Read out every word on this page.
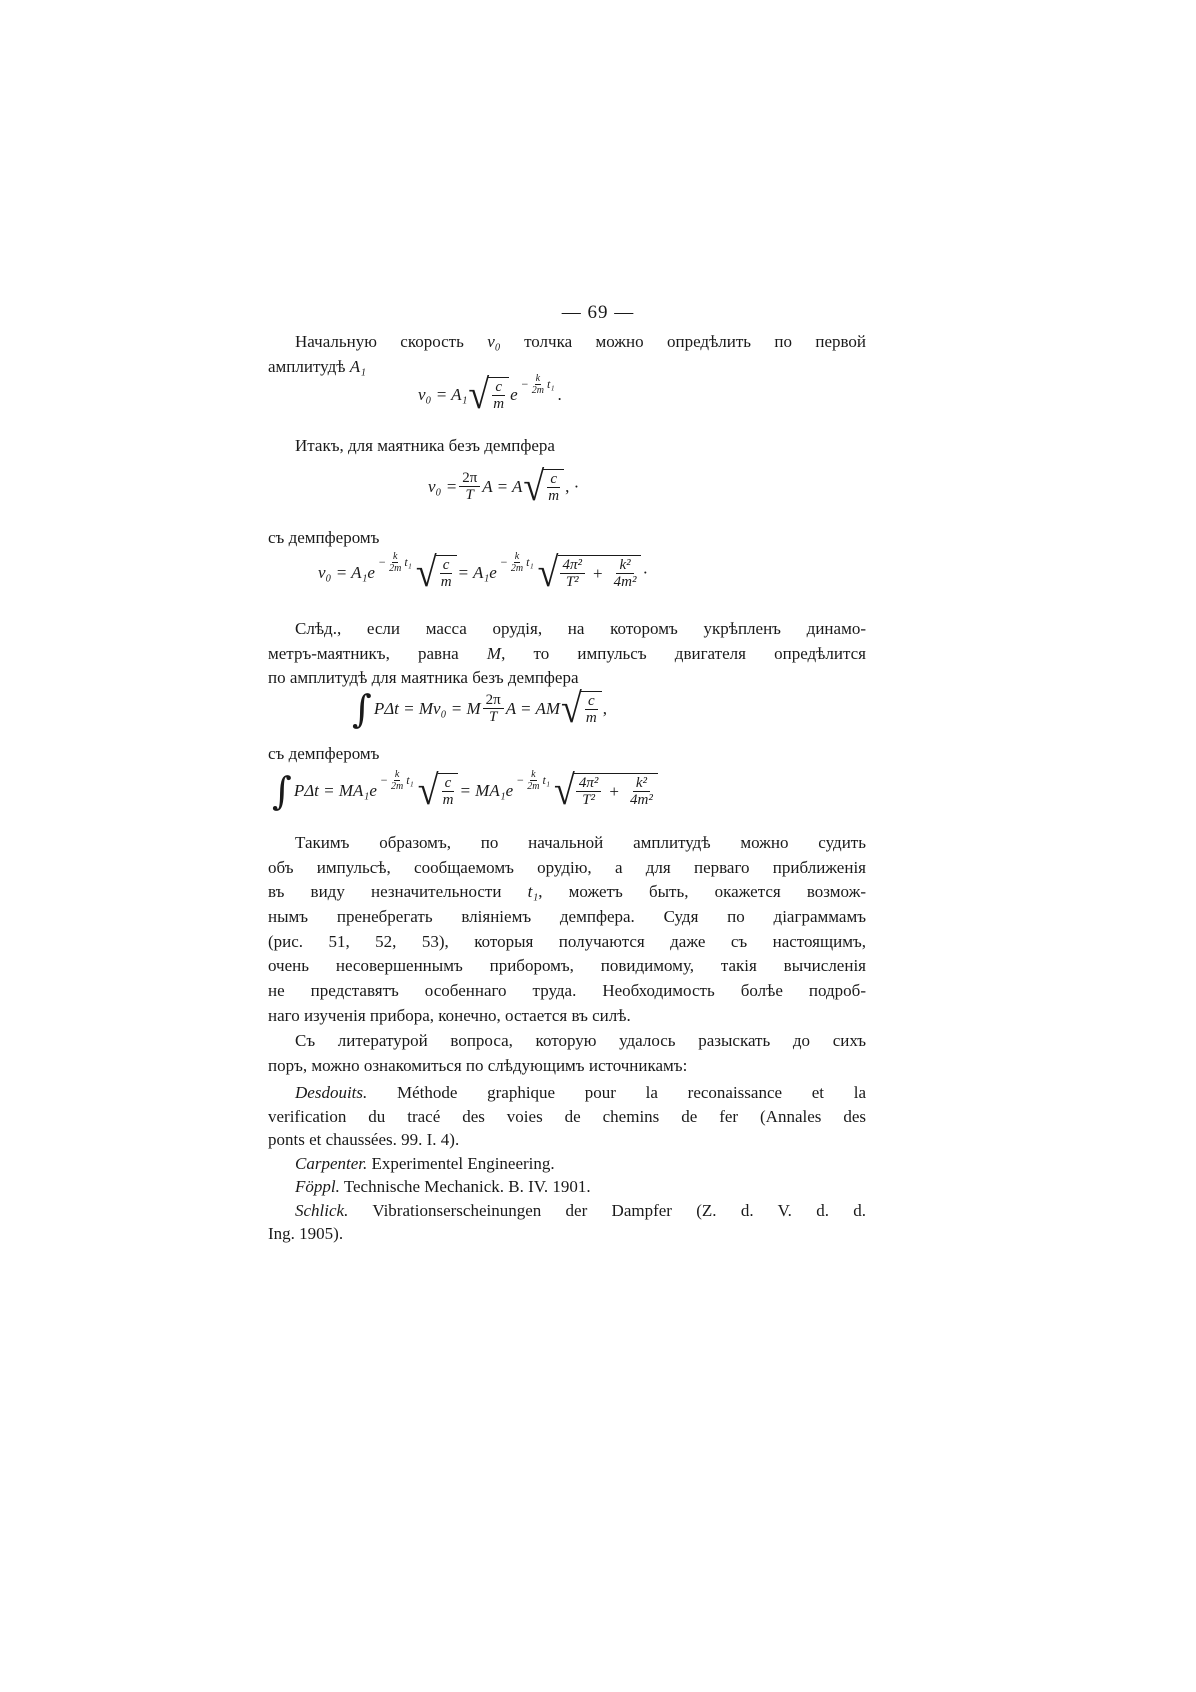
— 69 —
Начальную скорость v₀ толчка можно опредѣлить по первой
амплитудѣ A₁
v₀ = A₁ √ $\frac{c}{m}$ e
− $\frac{k}{2m} t_1$
.
Итакъ, для маятника безъ демпфера
$v_0 = \frac{2\pi}{T}$ A = A √ $\frac{c}{m}$ , ·
съ демпферомъ
v₀ = A₁e
− $\frac{k}{2m} t_1$ √ $\frac{c}{m} = A_1e$
− $\frac{k}{2m} t_1$ √ $\frac{\text{4π²}}{\text{T²}} + \frac{\text{k²}}{\text{4m²}}$ ·
Слѣд., если масса орудія, на которомъ укрѣпленъ динамо-
метръ-маятникъ, равна M, то импульсъ двигателя опредѣлится
по амплитудѣ для маятника безъ демпфера
∫ PΔt = Mv₀ = M $\frac{2\pi}{T}$ A = AM √ $\frac{c}{m}$ ,
съ демпферомъ
∫ PΔt = MA₁e
− $\frac{k}{2m} t_1$ √ $\frac{c}{m} = MA_1e$
− $\frac{k}{2m} t_1$ √ $\frac{\text{4π²}}{\text{T²}} + \frac{\text{k²}}{\text{4m²}}$
Такимъ образомъ, по начальной амплитудѣ можно судить
объ импульсѣ, сообщаемомъ орудію, а для перваго приближенія
въ виду незначительности t₁, можетъ быть, окажется возмож-
нымъ пренебрегать вліяніемъ демпфера. Судя по діаграммамъ
(рис. 51, 52, 53), которыя получаются даже съ настоящимъ,
очень несовершеннымъ приборомъ, повидимому, такія вычисленія
не представятъ особеннаго труда. Необходимость болѣе подроб-
наго изученія прибора, конечно, остается въ силѣ.
Съ литературой вопроса, которую удалось разыскать до сихъ
поръ, можно ознакомиться по слѣдующимъ источникамъ:
Desdouits. Méthode graphique pour la reconaissance et la
verification du tracé des voies de chemins de fer (Annales des
ponts et chaussées. 99. I. 4).
Carpenter. Experimentel Engineering.
Föppl. Technische Mechanick. B. IV. 1901.
Schlick. Vibrationserscheinungen der Dampfer (Z. d. V. d. d.
Ing. 1905).
